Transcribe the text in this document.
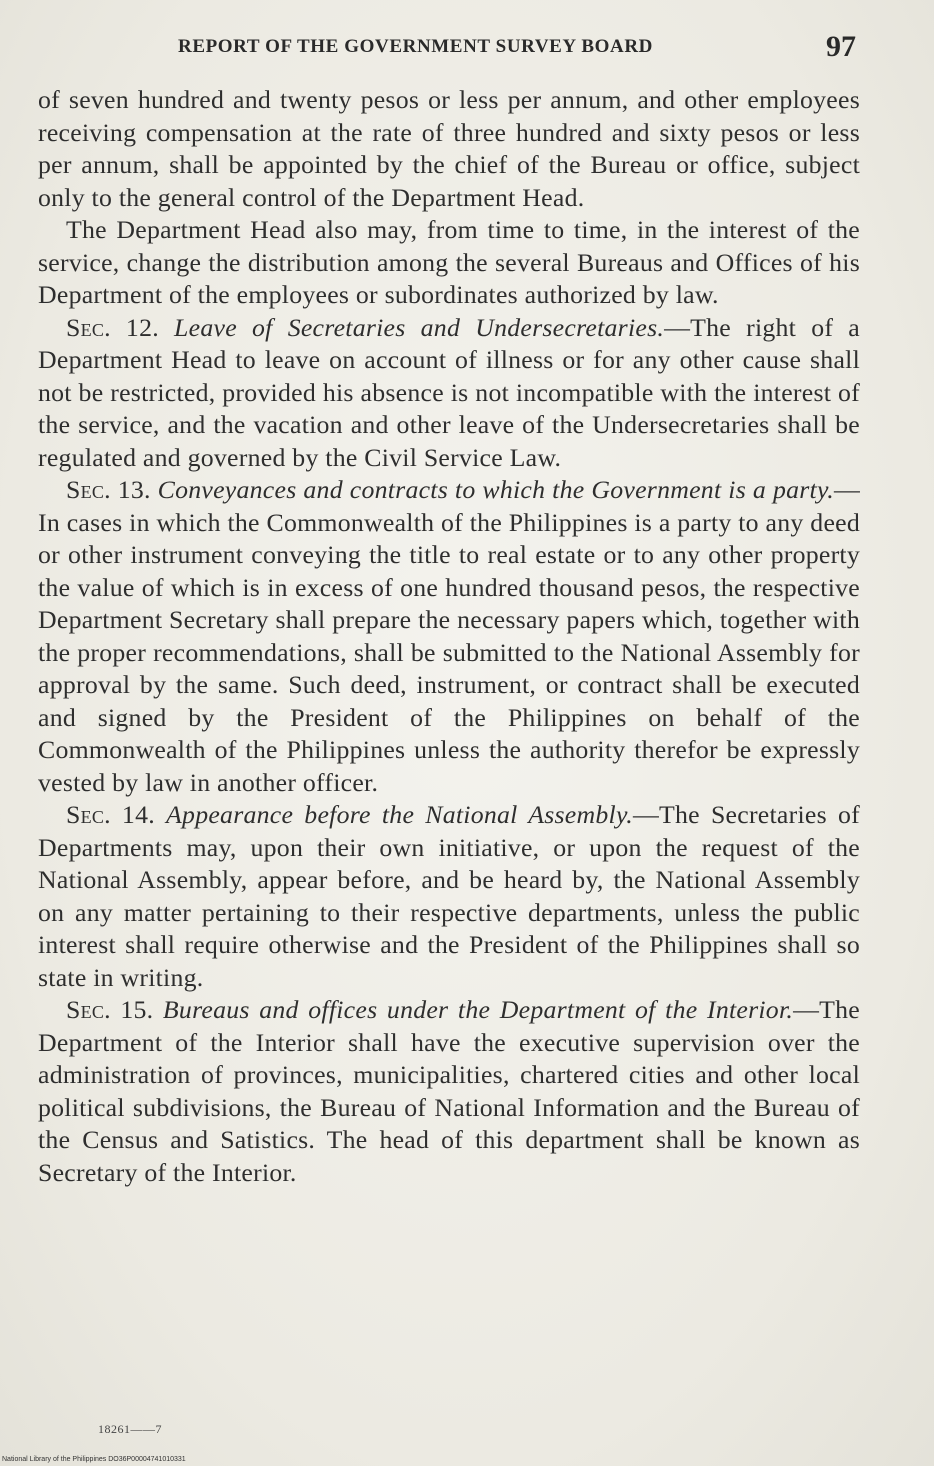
REPORT OF THE GOVERNMENT SURVEY BOARD	97

of seven hundred and twenty pesos or less per annum, and other employees receiving compensation at the rate of three hundred and sixty pesos or less per annum, shall be appointed by the chief of the Bureau or office, subject only to the general control of the Department Head.

The Department Head also may, from time to time, in the interest of the service, change the distribution among the several Bureaus and Offices of his Department of the employees or subordinates authorized by law.

Sec. 12. Leave of Secretaries and Undersecretaries.—The right of a Department Head to leave on account of illness or for any other cause shall not be restricted, provided his absence is not incompatible with the interest of the service, and the vacation and other leave of the Undersecretaries shall be regulated and governed by the Civil Service Law.

Sec. 13. Conveyances and contracts to which the Government is a party.—In cases in which the Commonwealth of the Philippines is a party to any deed or other instrument conveying the title to real estate or to any other property the value of which is in excess of one hundred thousand pesos, the respective Department Secretary shall prepare the necessary papers which, together with the proper recommendations, shall be submitted to the National Assembly for approval by the same. Such deed, instrument, or contract shall be executed and signed by the President of the Philippines on behalf of the Commonwealth of the Philippines unless the authority therefor be expressly vested by law in another officer.

Sec. 14. Appearance before the National Assembly.—The Secretaries of Departments may, upon their own initiative, or upon the request of the National Assembly, appear before, and be heard by, the National Assembly on any matter pertaining to their respective departments, unless the public interest shall require otherwise and the President of the Philippines shall so state in writing.

Sec. 15. Bureaus and offices under the Department of the Interior.—The Department of the Interior shall have the executive supervision over the administration of provinces, municipalities, chartered cities and other local political subdivisions, the Bureau of National Information and the Bureau of the Census and Satistics. The head of this department shall be known as Secretary of the Interior.

18261——7
National Library of the Philippines DO36P00004741010331
